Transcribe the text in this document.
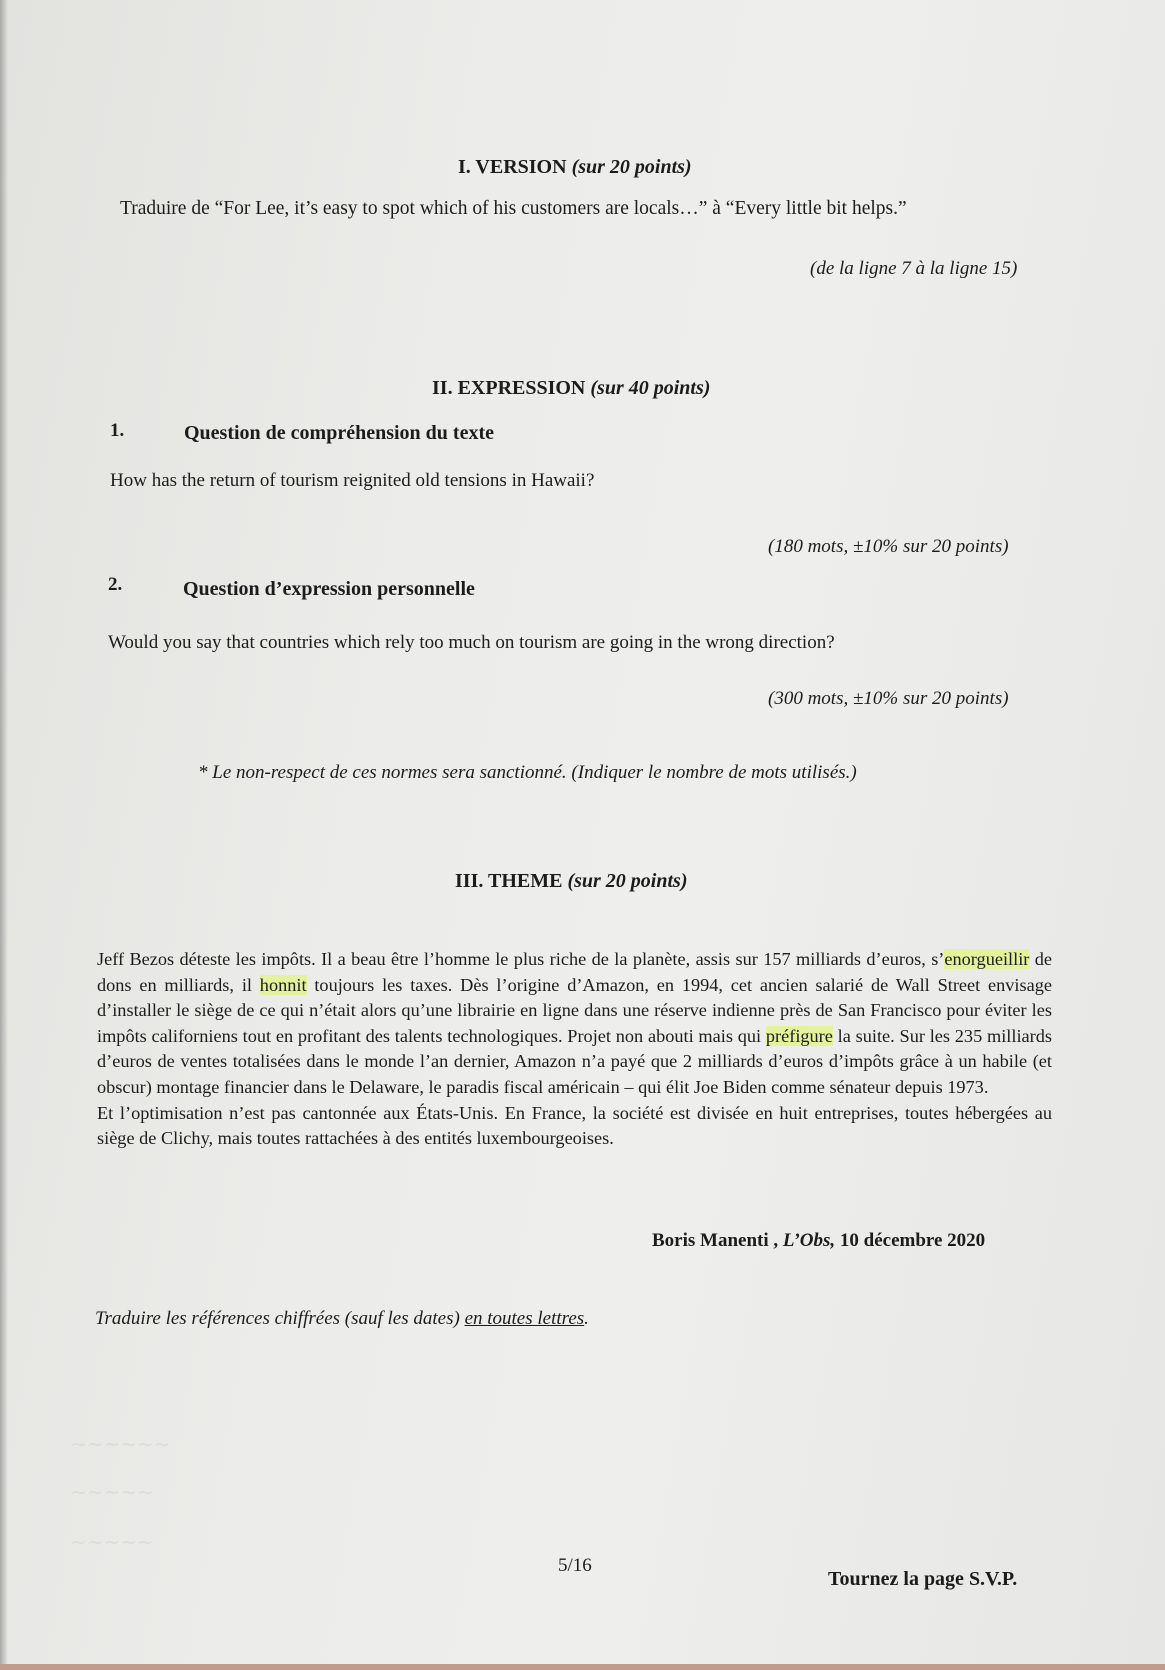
~~~~~~
~~~~~
~~~~~
I. VERSION (sur 20 points)
Traduire de “For Lee, it’s easy to spot which of his customers are locals…” à “Every little bit helps.”
(de la ligne 7 à la ligne 15)
II. EXPRESSION (sur 40 points)
1.	Question de compréhension du texte
How has the return of tourism reignited old tensions in Hawaii?
(180 mots, ±10% sur 20 points)
2.	Question d’expression personnelle
Would you say that countries which rely too much on tourism are going in the wrong direction?
(300 mots, ±10% sur 20 points)
* Le non-respect de ces normes sera sanctionné. (Indiquer le nombre de mots utilisés.)
III. THEME (sur 20 points)

Jeff Bezos déteste les impôts. Il a beau être l’homme le plus riche de la planète, assis sur 157 milliards d’euros, s’enorgueillir de dons en milliards, il honnit toujours les taxes. Dès l’origine d’Amazon, en 1994, cet ancien salarié de Wall Street envisage d’installer le siège de ce qui n’était alors qu’une librairie en ligne dans une réserve indienne près de San Francisco pour éviter les impôts californiens tout en profitant des talents technologiques. Projet non abouti mais qui préfigure la suite. Sur les 235 milliards d’euros de ventes totalisées dans le monde l’an dernier, Amazon n’a payé que 2 milliards d’euros d’impôts grâce à un habile (et obscur) montage financier dans le Delaware, le paradis fiscal américain – qui élit Joe Biden comme sénateur depuis 1973.

Et l’optimisation n’est pas cantonnée aux États-Unis. En France, la société est divisée en huit entreprises, toutes hébergées au siège de Clichy, mais toutes rattachées à des entités luxembourgeoises.

Boris Manenti , L’Obs, 10 décembre 2020
Traduire les références chiffrées (sauf les dates) en toutes lettres.
5/16
Tournez la page S.V.P.
